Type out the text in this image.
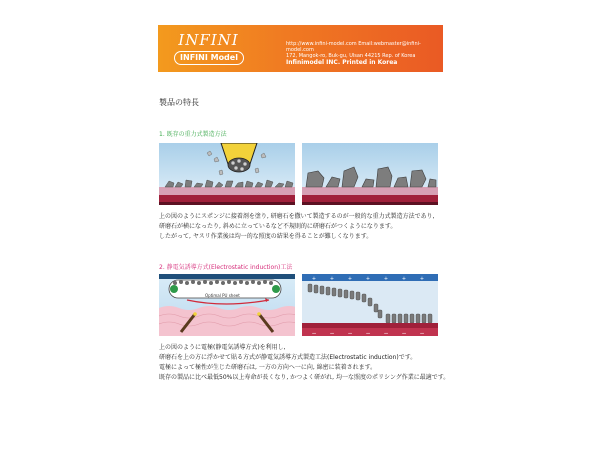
INFINI
INFINI Model
http://www.infini-model.com Email:webmaster@infini-model.com
172, Mangok-ro, Buk-gu, Ulsan 44215 Rep. of Korea
Infinimodel INC. Printed in Korea
製品の特長
1. 既存の重力式製造方法
上の図のようにスポンジに接着剤を塗り, 研磨石を撒いて製造するのが一般的な重力式製造方法であり,
研磨石が横になったり, 斜めに立っているなど不規則的に研磨石がつくようになります。
したがって, ヤスリ作業後は均一的な照度の結果を得ることが難しくなります。
2. 静電気誘導方式(Electrostatic induction)工法
Optimal PU sheet
+	+	+	+	+	+	+
− − − − − − −
上の図のように電極(静電気誘導方式)を利用し,
研磨石を上の方に浮かせて貼る方式が静電気誘導方式製造工法(Electrostatic induction)です。
電極によって極性が生じた研磨石は, 一方の方向へ一に向, 綿密に装着されます。
既存の製品に比べ最低50%以上寿命が長くなり, かつよく研がれ, 均一な照度のポリシング作業に最適です。
